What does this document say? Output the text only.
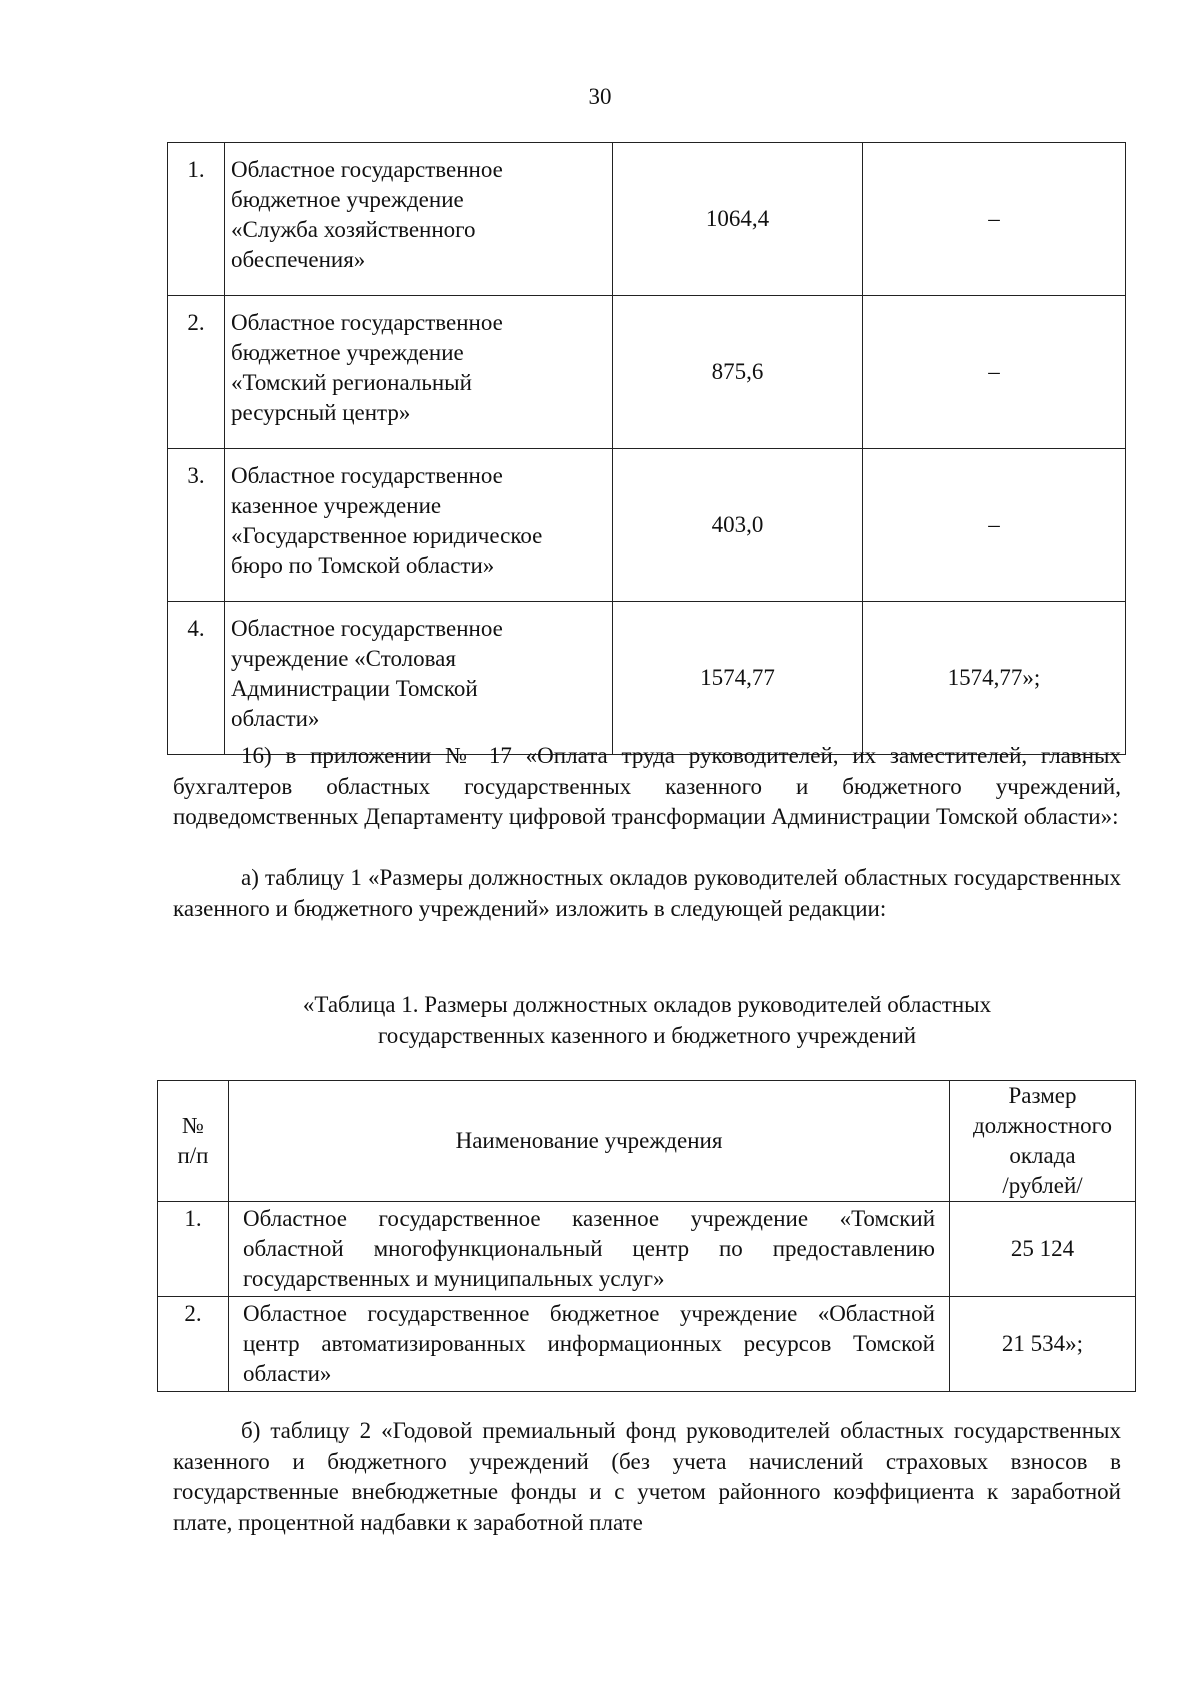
30
1.	Областное государственное
бюджетное учреждение
«Служба хозяйственного
обеспечения»	1064,4	–
2.	Областное государственное
бюджетное учреждение
«Томский региональный
ресурсный центр»	875,6	–
3.	Областное государственное
казенное учреждение
«Государственное юридическое
бюро по Томской области»	403,0	–
4.	Областное государственное
учреждение «Столовая
Администрации Томской
области»	1574,77	1574,77»;

16) в приложении № 17 «Оплата труда руководителей, их заместителей, главных бухгалтеров областных государственных казенного и бюджетного учреждений, подведомственных Департаменту цифровой трансформации Администрации Томской области»:

а) таблицу 1 «Размеры должностных окладов руководителей областных государственных казенного и бюджетного учреждений» изложить в следующей редакции:

«Таблица 1. Размеры должностных окладов руководителей областных
государственных казенного и бюджетного учреждений
№
п/п	Наименование учреждения	Размер
должностного
оклада
/рублей/
1.	Областное государственное казенное учреждение «Томский областной многофункциональный центр по предоставлению государственных и муниципальных услуг»	25 124
2.	Областное государственное бюджетное учреждение «Областной центр автоматизированных информационных ресурсов Томской области»	21 534»;

б) таблицу 2 «Годовой премиальный фонд руководителей областных государственных казенного и бюджетного учреждений (без учета начислений страховых взносов в государственные внебюджетные фонды и с учетом районного коэффициента к заработной плате, процентной надбавки к заработной плате
